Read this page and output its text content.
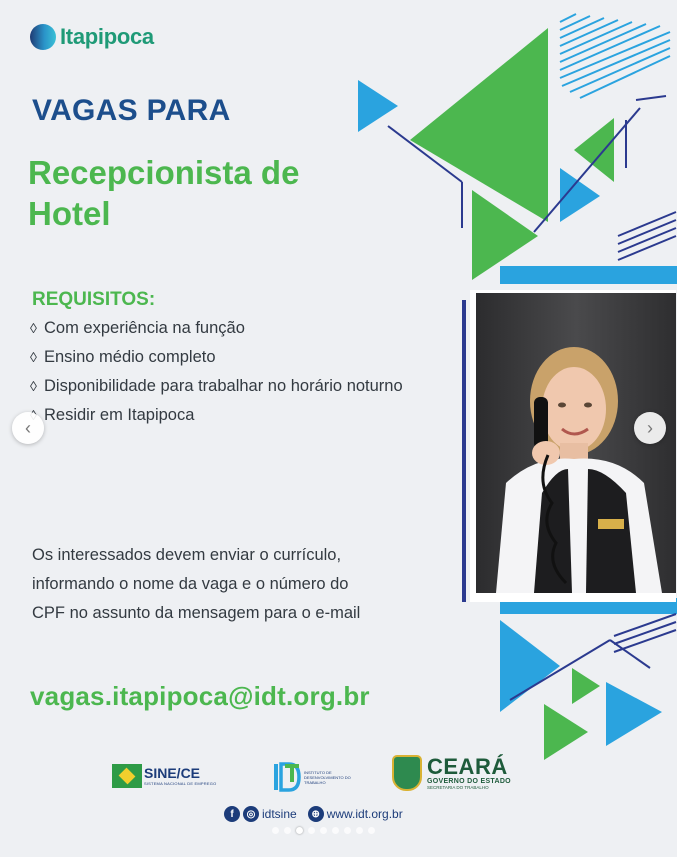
Itapipoca
VAGAS PARA
Recepcionista de Hotel
REQUISITOS:
◊ Com experiência na função
◊ Ensino médio completo
◊ Disponibilidade para trabalhar no horário noturno
◊ Residir em Itapipoca
Os interessados devem enviar o currículo, informando o nome da vaga e o número do CPF no assunto da mensagem para o e-mail
vagas.itapipoca@idt.org.br
SINE/CE
SISTEMA NACIONAL DE EMPREGO
INSTITUTO DE DESENVOLVIMENTO DO TRABALHO
CEARÁ
GOVERNO DO ESTADO
SECRETARIA DO TRABALHO
f	◎ idtsine	⊕ www.idt.org.br
‹	›
